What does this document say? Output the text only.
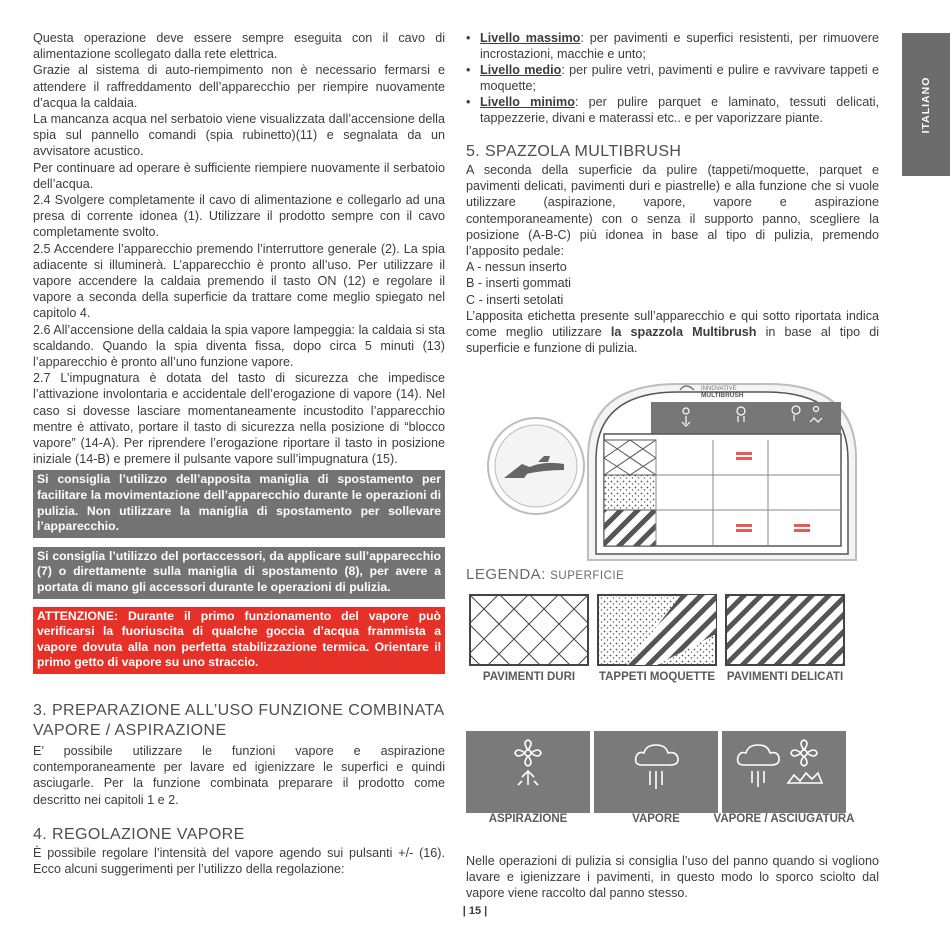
ITALIANO

Questa operazione deve essere sempre eseguita con il cavo di alimentazione scollegato dalla rete elettrica.

Grazie al sistema di auto-riempimento non è necessario fermarsi e attendere il raffreddamento dell’apparecchio per riempire nuovamente d’acqua la caldaia.

La mancanza acqua nel serbatoio viene visualizzata dall’accensione della spia sul pannello comandi (spia rubinetto)(11) e segnalata da un avvisatore acustico.

Per continuare ad operare è sufficiente riempiere nuovamente il serbatoio dell’acqua.

2.4 Svolgere completamente il cavo di alimentazione e collegarlo ad una presa di corrente idonea (1). Utilizzare il prodotto sempre con il cavo completamente svolto.

2.5 Accendere l’apparecchio premendo l’interruttore generale (2). La spia adiacente si illuminerà. L’apparecchio è pronto all’uso. Per utilizzare il vapore accendere la caldaia premendo il tasto ON (12) e regolare il vapore a seconda della superficie da trattare come meglio spiegato nel capitolo 4.

2.6 All’accensione della caldaia la spia vapore lampeggia: la caldaia si sta scaldando. Quando la spia diventa fissa, dopo circa 5 minuti (13) l’apparecchio è pronto all’uno funzione vapore.

2.7 L’impugnatura è dotata del tasto di sicurezza che impedisce l’attivazione involontaria e accidentale dell’erogazione di vapore (14). Nel caso si dovesse lasciare momentaneamente incustodito l’apparecchio mentre è attivato, portare il tasto di sicurezza nella posizione di “blocco vapore” (14-A). Per riprendere l’erogazione riportare il tasto in posizione iniziale (14-B) e premere il pulsante vapore sull’impugnatura (15).

Si consiglia l’utilizzo dell’apposita maniglia di spostamento per facilitare la movimentazione dell’apparecchio durante le operazioni di pulizia. Non utilizzare la maniglia di spostamento per sollevare l’apparecchio.
Si consiglia l’utilizzo del portaccessori, da applicare sull’apparecchio (7) o direttamente sulla maniglia di spostamento (8), per avere a portata di mano gli accessori durante le operazioni di pulizia.
ATTENZIONE: Durante il primo funzionamento del vapore può verificarsi la fuoriuscita di qualche goccia d’acqua frammista a vapore dovuta alla non perfetta stabilizzazione termica. Orientare il primo getto di vapore su uno straccio.
3. PREPARAZIONE ALL’USO FUNZIONE COMBINATA VAPORE / ASPIRAZIONE

E’ possibile utilizzare le funzioni vapore e aspirazione contemporaneamente per lavare ed igienizzare le superfici e quindi asciugarle. Per la funzione combinata preparare il prodotto come descritto nei capitoli 1 e 2.

4. REGOLAZIONE VAPORE

È possibile regolare l’intensità del vapore agendo sui pulsanti +/- (16). Ecco alcuni suggerimenti per l’utilizzo della regolazione:

• Livello massimo: per pavimenti e superfici resistenti, per rimuovere incrostazioni, macchie e unto;
• Livello medio: per pulire vetri, pavimenti e pulire e ravvivare tappeti e moquette;
• Livello minimo: per pulire parquet e laminato, tessuti delicati, tappezzerie, divani e materassi etc.. e per vaporizzare piante.
5. SPAZZOLA MULTIBRUSH

A seconda della superficie da pulire (tappeti/moquette, parquet e pavimenti delicati, pavimenti duri e piastrelle) e alla funzione che si vuole utilizzare (aspirazione, vapore, vapore e aspirazione contemporaneamente) con o senza il supporto panno, scegliere la posizione (A-B-C) più idonea in base al tipo di pulizia, premendo l’apposito pedale:

A - nessun inserto

B - inserti gommati

C - inserti setolati

L’apposita etichetta presente sull’apparecchio e qui sotto riportata indica come meglio utilizzare la spazzola Multibrush in base al tipo di superficie e funzione di pulizia.

INNOVATIVE
MULTIBRUSH
LEGENDA: SUPERFICIE
PAVIMENTI DURI	TAPPETI MOQUETTE PAVIMENTI DELICATI
ASPIRAZIONE	VAPORE	VAPORE / ASCIUGATURA

Nelle operazioni di pulizia si consiglia l’uso del panno quando si vogliono lavare e igienizzare i pavimenti, in questo modo lo sporco sciolto dal vapore viene raccolto dal panno stesso.

| 15 |
